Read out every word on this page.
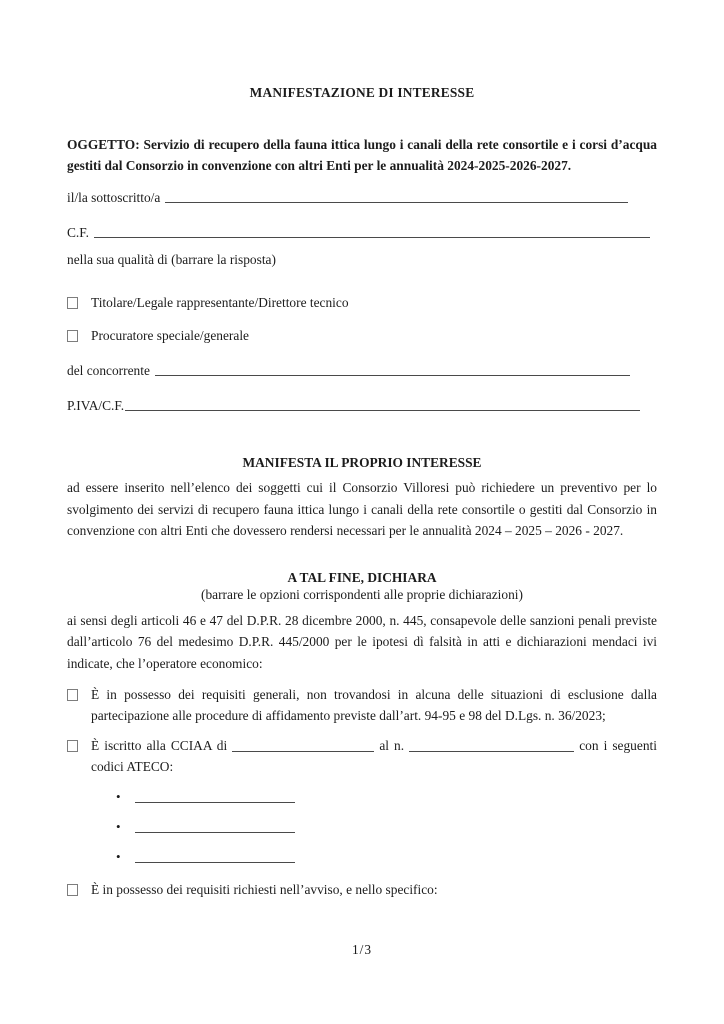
MANIFESTAZIONE DI INTERESSE
OGGETTO: Servizio di recupero della fauna ittica lungo i canali della rete consortile e i corsi d’acqua gestiti dal Consorzio in convenzione con altri Enti per le annualità 2024-2025-2026-2027.
il/la sottoscritto/a
C.F.
nella sua qualità di (barrare la risposta)
Titolare/Legale rappresentante/Direttore tecnico
Procuratore speciale/generale
del concorrente
P.IVA/C.F.
MANIFESTA IL PROPRIO INTERESSE
ad essere inserito nell’elenco dei soggetti cui il Consorzio Villoresi può richiedere un preventivo per lo svolgimento dei servizi di recupero fauna ittica lungo i canali della rete consortile o gestiti dal Consorzio in convenzione con altri Enti che dovessero rendersi necessari per le annualità 2024 – 2025 – 2026 - 2027.
A TAL FINE, DICHIARA
(barrare le opzioni corrispondenti alle proprie dichiarazioni)
ai sensi degli articoli 46 e 47 del D.P.R. 28 dicembre 2000, n. 445, consapevole delle sanzioni penali previste dall’articolo 76 del medesimo D.P.R. 445/2000 per le ipotesi dì falsità in atti e dichiarazioni mendaci ivi indicate, che l’operatore economico:
È in possesso dei requisiti generali, non trovandosi in alcuna delle situazioni di esclusione dalla partecipazione alle procedure di affidamento previste dall’art. 94-95 e 98 del D.Lgs. n. 36/2023;
È iscritto alla CCIAA di	al n.	con i seguenti codici ATECO:
•
•
•
È in possesso dei requisiti richiesti nell’avviso, e nello specifico:
1/3
